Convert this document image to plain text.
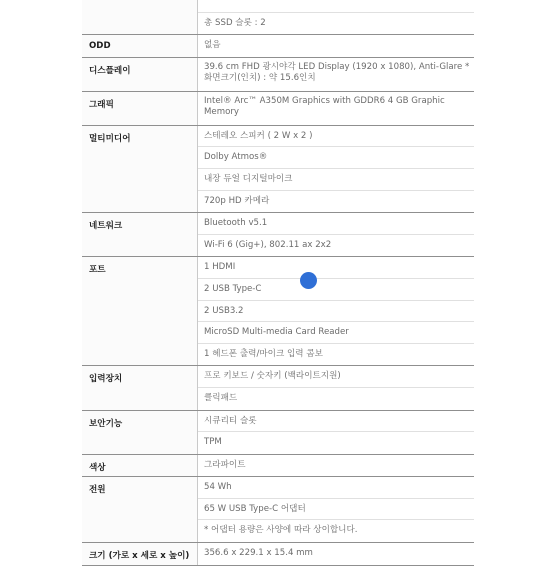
총 SSD 슬롯 : 2
ODD	없음
디스플레이	39.6 cm FHD 광시야각 LED Display (1920 x 1080), Anti-Glare *화면크기(인치) : 약 15.6인치
그래픽	Intel® Arc™ A350M Graphics with GDDR6 4 GB Graphic Memory
멀티미디어	스테레오 스피커 ( 2 W x 2 )
Dolby Atmos®
내장 듀얼 디지털마이크
720p HD 카메라
네트워크	Bluetooth v5.1
Wi-Fi 6 (Gig+), 802.11 ax 2x2
포트	1 HDMI
2 USB Type-C
2 USB3.2
MicroSD Multi-media Card Reader
1 헤드폰 출력/마이크 입력 콤보
입력장치	프로 키보드 / 숫자키 (백라이트지원)
클릭패드
보안기능	시큐리티 슬롯
TPM
색상	그라파이트
전원	54 Wh
65 W USB Type-C 어댑터
* 어댑터 용량은 사양에 따라 상이합니다.
크기 (가로 x 세로 x 높이)	356.6 x 229.1 x 15.4 mm
